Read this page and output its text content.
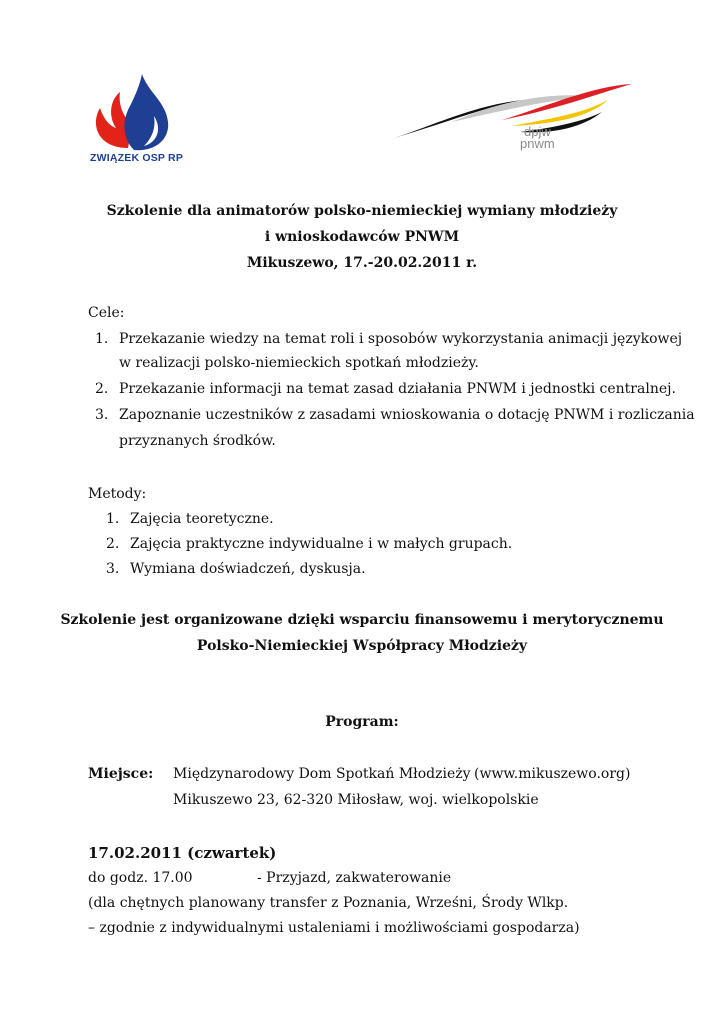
ZWIĄZEK OSP RP
dpjw
pnwm
Szkolenie dla animatorów polsko-niemieckiej wymiany młodzieży
i wnioskodawców PNWM
Mikuszewo, 17.-20.02.2011 r.
Cele:
1. Przekazanie wiedzy na temat roli i sposobów wykorzystania animacji językowej
w realizacji polsko-niemieckich spotkań młodzieży.
2. Przekazanie informacji na temat zasad działania PNWM i jednostki centralnej.
3. Zapoznanie uczestników z zasadami wnioskowania o dotację PNWM i rozliczania
przyznanych środków.
Metody:
1. Zajęcia teoretyczne.
2. Zajęcia praktyczne indywidualne i w małych grupach.
3. Wymiana doświadczeń, dyskusja.
Szkolenie jest organizowane dzięki wsparciu finansowemu i merytorycznemu
Polsko-Niemieckiej Współpracy Młodzieży
Program:
Miejsce: Międzynarodowy Dom Spotkań Młodzieży (www.mikuszewo.org)
Mikuszewo 23, 62-320 Miłosław, woj. wielkopolskie
17.02.2011 (czwartek)
do godz. 17.00	- Przyjazd, zakwaterowanie
(dla chętnych planowany transfer z Poznania, Wrześni, Środy Wlkp.
– zgodnie z indywidualnymi ustaleniami i możliwościami gospodarza)
